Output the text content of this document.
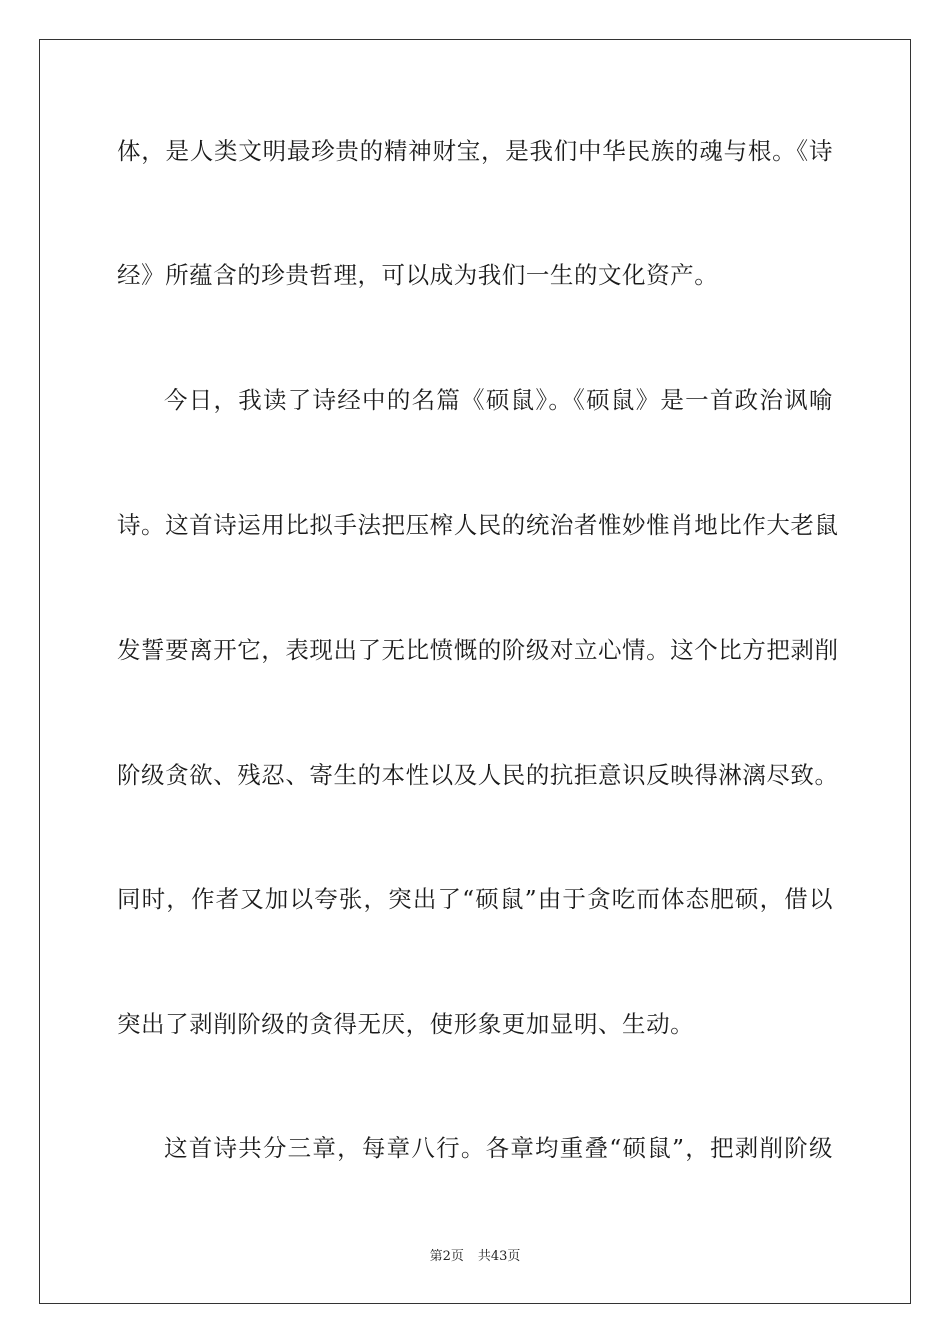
体，是人类文明最珍贵的精神财宝，是我们中华民族的魂与根。《诗
经》所蕴含的珍贵哲理，可以成为我们一生的文化资产。
今日，我读了诗经中的名篇《硕鼠》。《硕鼠》是一首政治讽喻
诗。这首诗运用比拟手法把压榨人民的统治者惟妙惟肖地比作大老鼠
发誓要离开它，表现出了无比愤慨的阶级对立心情。这个比方把剥削
阶级贪欲、残忍、寄生的本性以及人民的抗拒意识反映得淋漓尽致。
同时，作者又加以夸张，突出了“硕鼠”由于贪吃而体态肥硕，借以
突出了剥削阶级的贪得无厌，使形象更加显明、生动。
这首诗共分三章，每章八行。各章均重叠“硕鼠”，把剥削阶级
第2页 共43页
